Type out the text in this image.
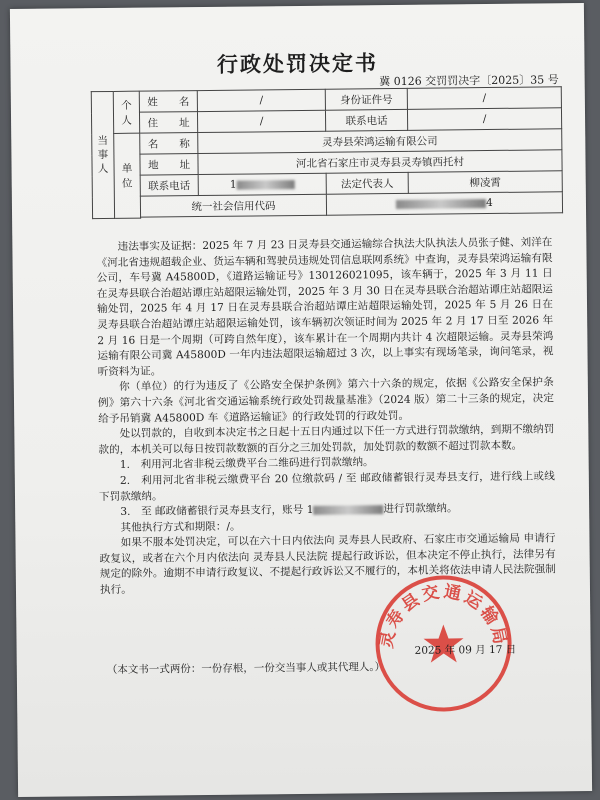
行政处罚决定书
冀 0126 交罚罚决字〔2025〕35 号
当事人	个人	姓　　名	/	身份证件号	/
		住　　址	/	联系电话	/
	单位	名　　称	灵寿县荣鸿运输有限公司		
		地　　址	河北省石家庄市灵寿县灵寿镇西托村		
		联系电话	1	法定代表人	柳凌霄
		统一社会信用代码		4	

违法事实及证据：2025 年 7 月 23 日灵寿县交通运输综合执法大队执法人员张子健、刘洋在《河北省违规超载企业、货运车辆和驾驶员违规处罚信息联网系统》中查询，灵寿县荣鸿运输有限公司，车号冀 A45800D，《道路运输证号》130126021095，该车辆于，2025 年 3 月 11 日在灵寿县联合治超站谭庄站超限运输处罚，2025 年 3 月 30 日在灵寿县联合治超站谭庄站超限运输处罚，2025 年 4 月 17 日在灵寿县联合治超站谭庄站超限运输处罚，2025 年 5 月 26 日在灵寿县联合治超站谭庄站超限运输处罚，该车辆初次领证时间为 2025 年 2 月 17 日至 2026 年 2 月 16 日是一个周期（可跨自然年度），该车累计在一个周期内共计 4 次超限运输。灵寿县荣鸿运输有限公司冀 A45800D 一年内违法超限运输超过 3 次，以上事实有现场笔录，询问笔录，视听资料为证。

你（单位）的行为违反了《公路安全保护条例》第六十六条的规定，依据《公路安全保护条例》第六十六条《河北省交通运输系统行政处罚裁量基准》（2024 版）第二十三条的规定，决定给予吊销冀 A45800D 车《道路运输证》的行政处罚的行政处罚。

处以罚款的，自收到本决定书之日起十五日内通过以下任一方式进行罚款缴纳，到期不缴纳罚款的，本机关可以每日按罚款数额的百分之三加处罚款，加处罚款的数额不超过罚款本数。

1.　利用河北省非税云缴费平台二维码进行罚款缴纳。

2.　利用河北省非税云缴费平台 20 位缴款码 / 至 邮政储蓄银行灵寿县支行，进行线上或线下罚款缴纳。

3.　至 邮政储蓄银行灵寿县支行，账号 1	进行罚款缴纳。

其他执行方式和期限：/。

如果不服本处罚决定，可以在六十日内依法向 灵寿县人民政府、石家庄市交通运输局 申请行政复议，或者在六个月内依法向 灵寿县人民法院 提起行政诉讼，但本决定不停止执行，法律另有规定的除外。逾期不申请行政复议、不提起行政诉讼又不履行的，本机关将依法申请人民法院强制执行。

灵寿县交通运输局
2025 年 09 月 17 日
（本文书一式两份：一份存根，一份交当事人或其代理人。）
